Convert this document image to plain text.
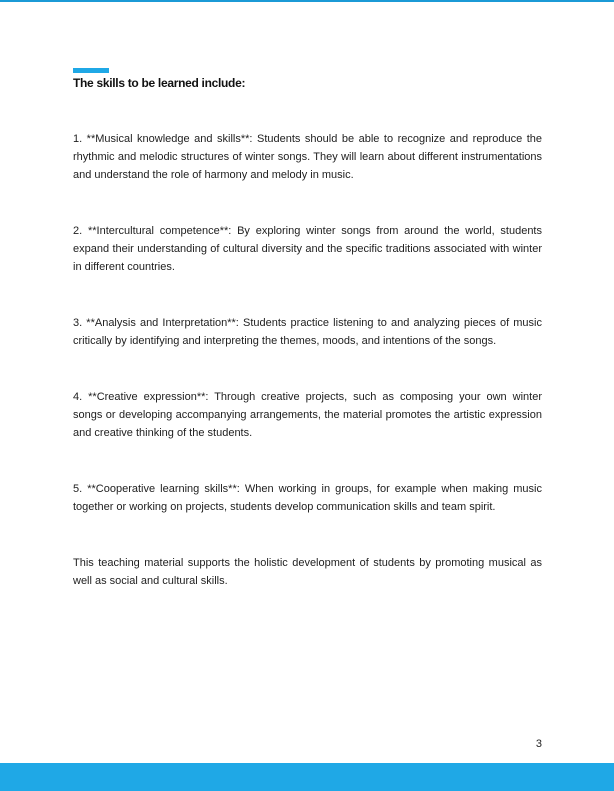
The skills to be learned include:

1. **Musical knowledge and skills**: Students should be able to recognize and reproduce the rhythmic and melodic structures of winter songs. They will learn about different instrumentations and understand the role of harmony and melody in music.

2. **Intercultural competence**: By exploring winter songs from around the world, students expand their understanding of cultural diversity and the specific traditions associated with winter in different countries.

3. **Analysis and Interpretation**: Students practice listening to and analyzing pieces of music critically by identifying and interpreting the themes, moods, and intentions of the songs.

4. **Creative expression**: Through creative projects, such as composing your own winter songs or developing accompanying arrangements, the material promotes the artistic expression and creative thinking of the students.

5. **Cooperative learning skills**: When working in groups, for example when making music together or working on projects, students develop communication skills and team spirit.

This teaching material supports the holistic development of students by promoting musical as well as social and cultural skills.

3
